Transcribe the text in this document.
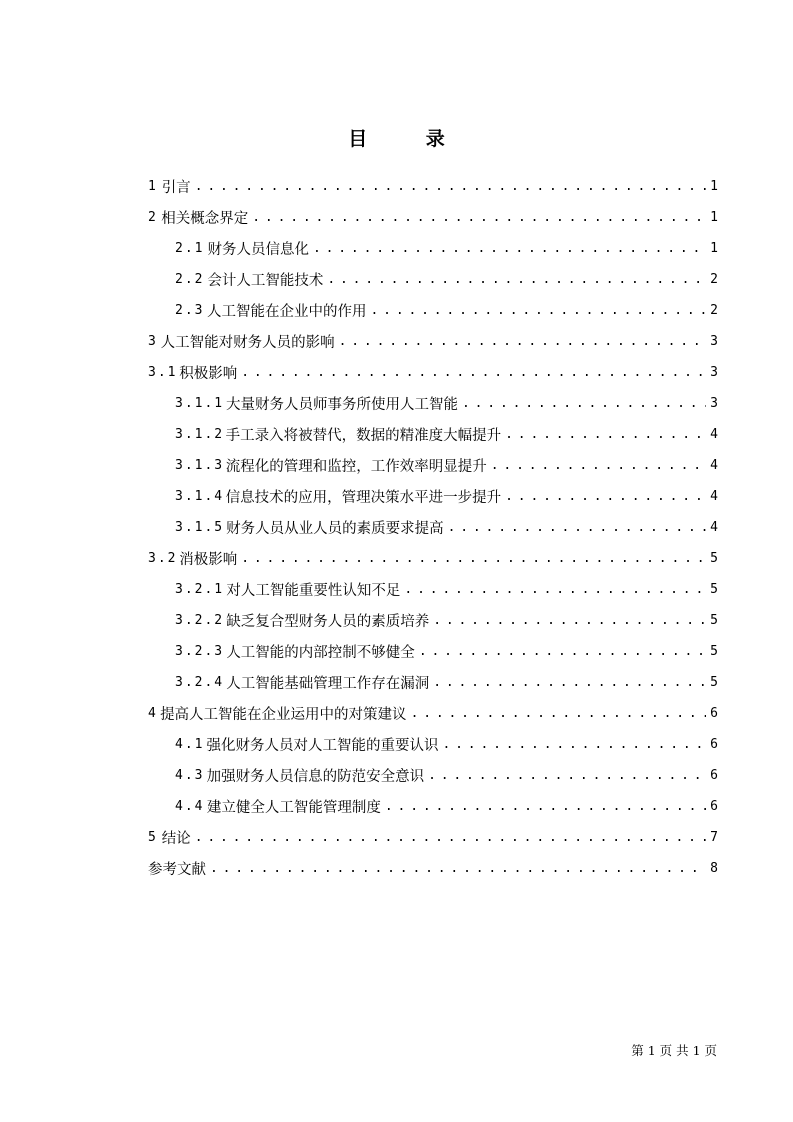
目 录
1 引言 . . .	1
2 相关概念界定 . . .	1
2.1 财务人员信息化 . . .	1
2.2 会计人工智能技术 . . .	2
2.3 人工智能在企业中的作用 . . .	2
3 人工智能对财务人员的影响 . . .	3
3.1 积极影响 . . .	3
3.1.1 大量财务人员师事务所使用人工智能 . . .	3
3.1.2 手工录入将被替代，数据的精准度大幅提升 . . .	4
3.1.3 流程化的管理和监控，工作效率明显提升 . . .	4
3.1.4 信息技术的应用，管理决策水平进一步提升 . . .	4
3.1.5 财务人员从业人员的素质要求提高 . . .	4
3.2 消极影响 . . .	5
3.2.1 对人工智能重要性认知不足 . . .	5
3.2.2 缺乏复合型财务人员的素质培养 . . .	5
3.2.3 人工智能的内部控制不够健全 . . .	5
3.2.4 人工智能基础管理工作存在漏洞 . . .	5
4 提高人工智能在企业运用中的对策建议 . . .	6
4.1 强化财务人员对人工智能的重要认识 . . .	6
4.3 加强财务人员信息的防范安全意识 . . .	6
4.4 建立健全人工智能管理制度 . . .	6
5 结论 . . .	7
参考文献 . . .	8
第 1 页 共 1 页
